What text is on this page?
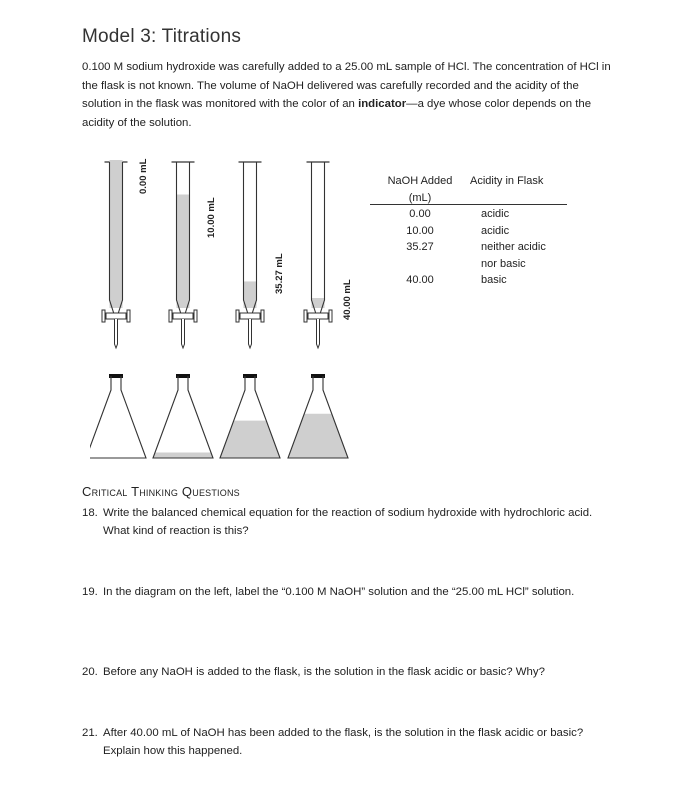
Model 3: Titrations
0.100 M sodium hydroxide was carefully added to a 25.00 mL sample of HCl. The concentration of HCl in the flask is not known. The volume of NaOH delivered was carefully recorded and the acidity of the solution in the flask was monitored with the color of an indicator—a dye whose color depends on the acidity of the solution.
0.00 mL
10.00 mL
35.27 mL
40.00 mL
NaOH Added (mL)
Acidity in Flask
0.00	acidic
10.00	acidic
35.27	neither acidic nor basic
40.00	basic
Critical Thinking Questions
18. Write the balanced chemical equation for the reaction of sodium hydroxide with hydrochloric acid. What kind of reaction is this?
19. In the diagram on the left, label the “0.100 M NaOH” solution and the “25.00 mL HCl” solution.
20. Before any NaOH is added to the flask, is the solution in the flask acidic or basic? Why?
21. After 40.00 mL of NaOH has been added to the flask, is the solution in the flask acidic or basic? Explain how this happened.
